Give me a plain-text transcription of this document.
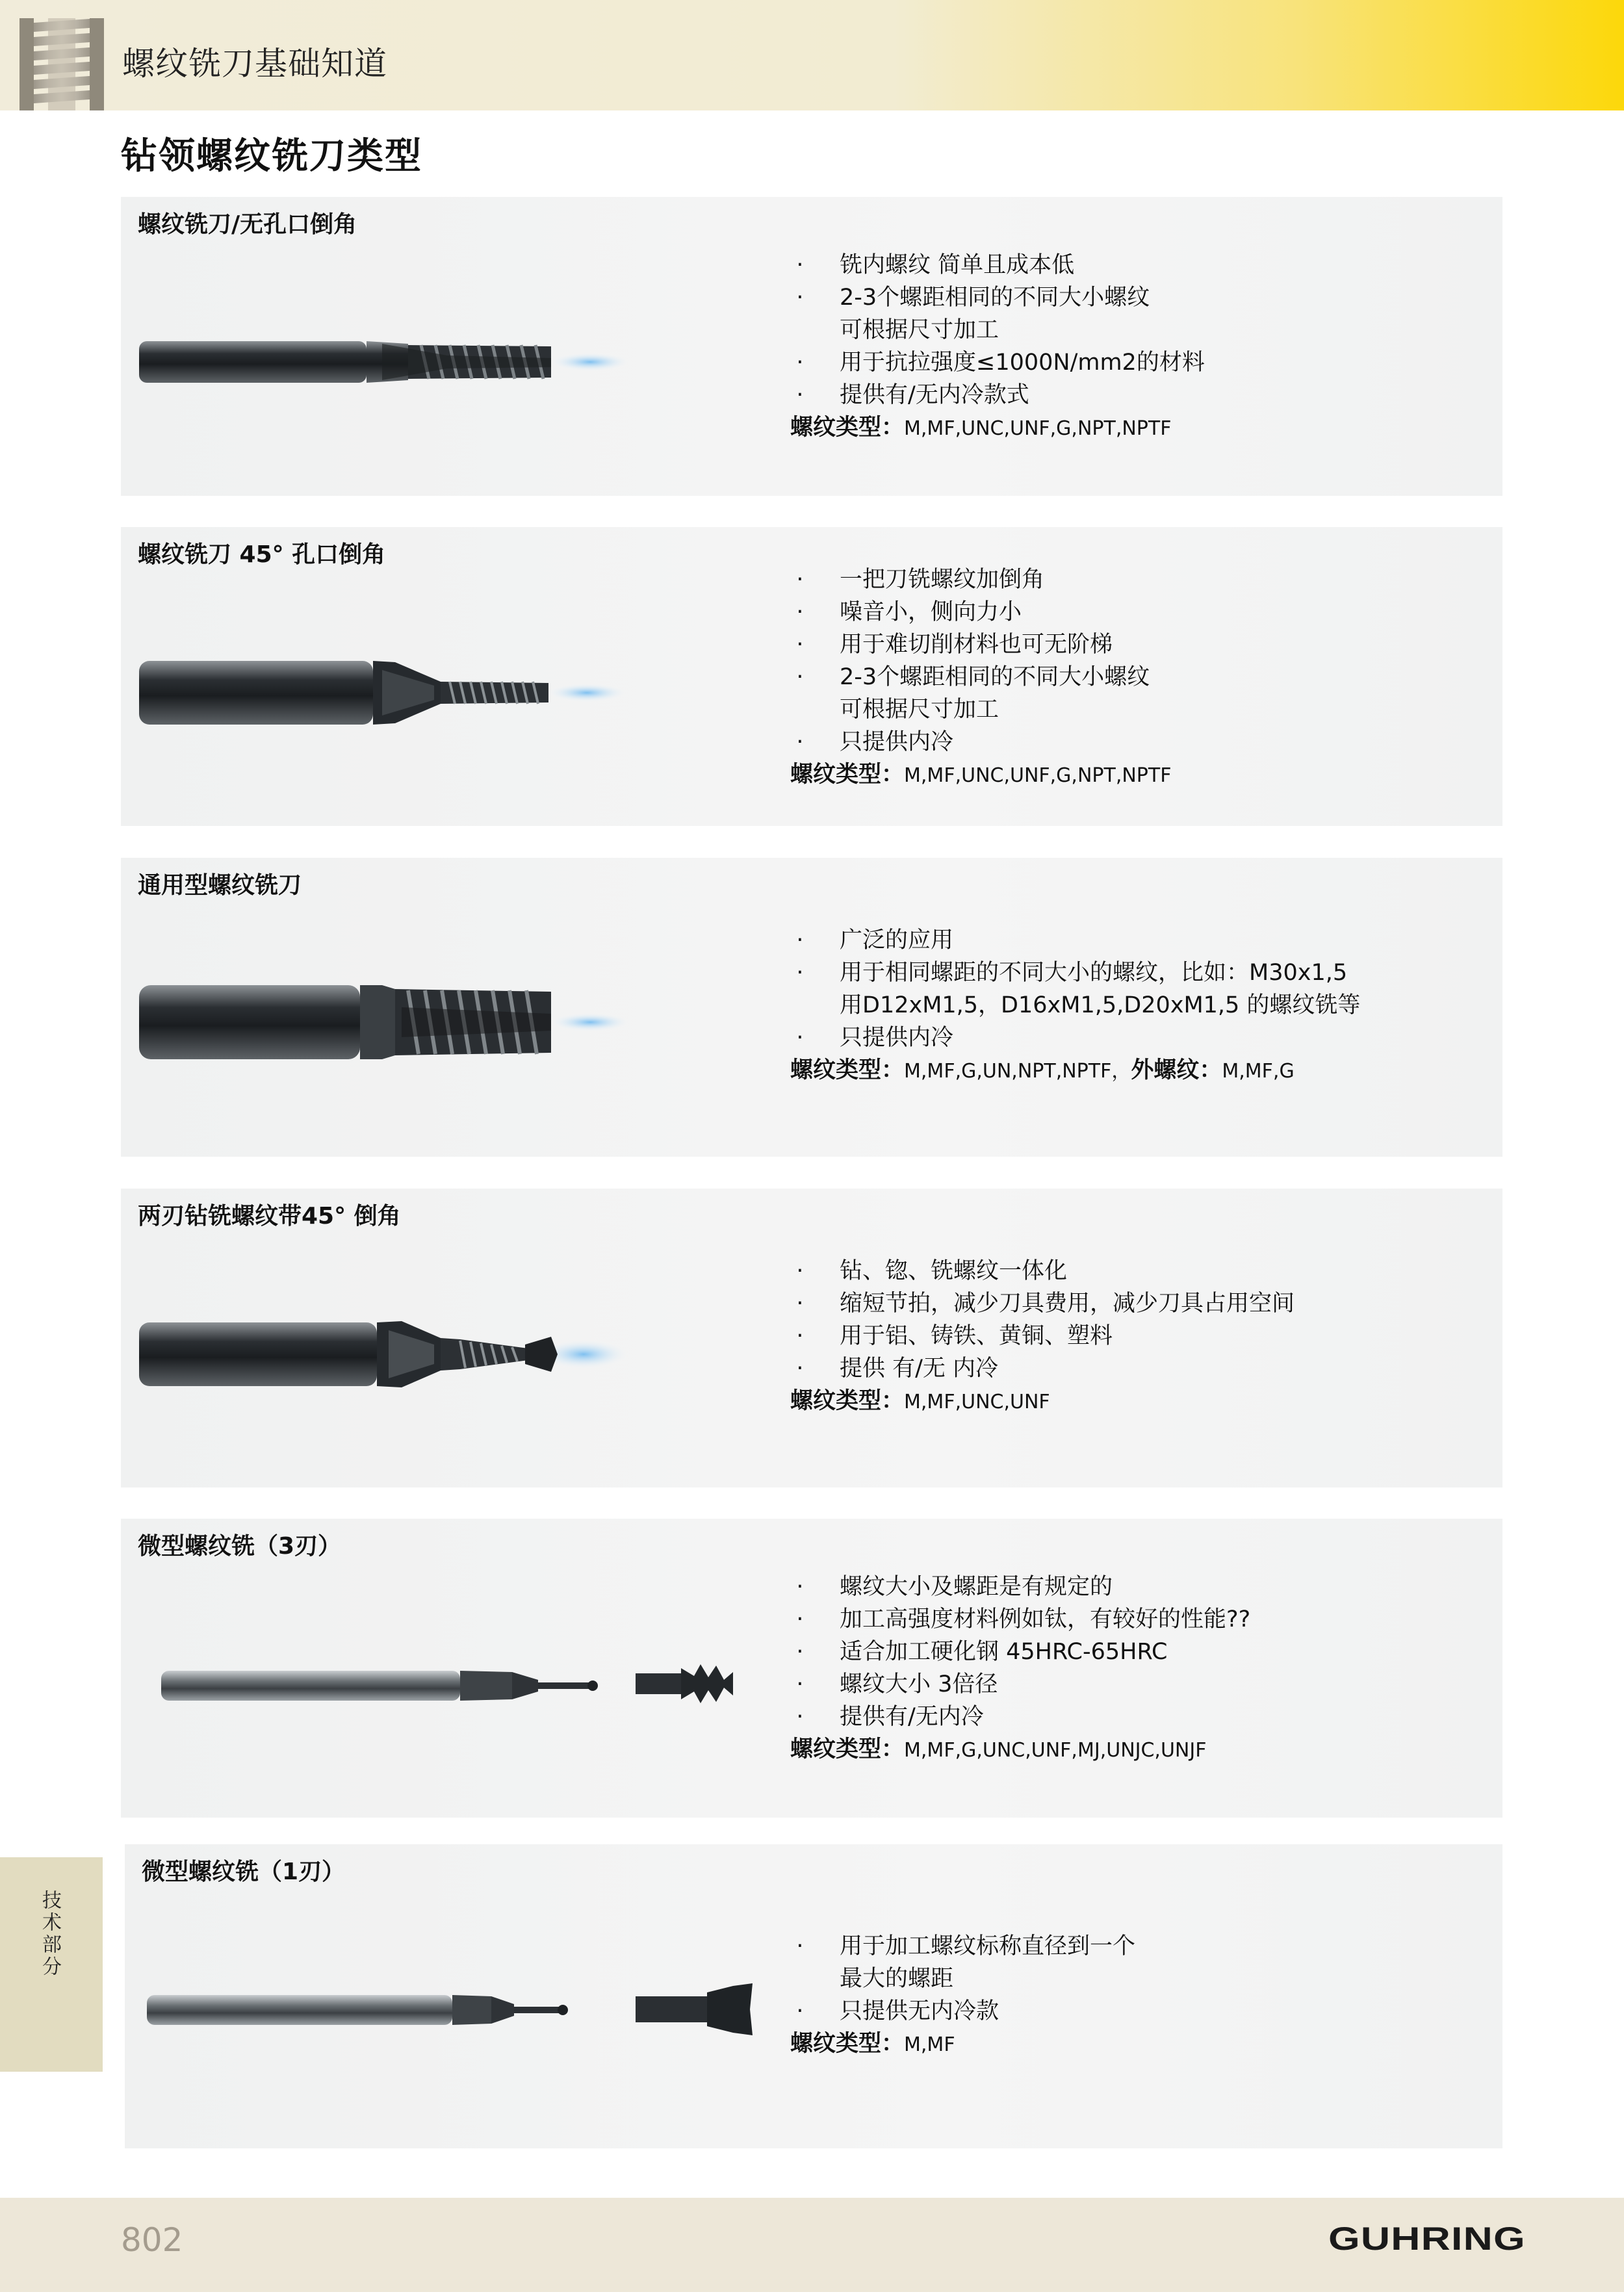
螺纹铣刀基础知道
钻领螺纹铣刀类型
螺纹铣刀/无孔口倒角
· 铣内螺纹 简单且成本低
· 2-3个螺距相同的不同大小螺纹
可根据尺寸加工
· 用于抗拉强度≤1000N/mm2的材料
· 提供有/无内冷款式
螺纹类型：M,MF,UNC,UNF,G,NPT,NPTF
螺纹铣刀 45° 孔口倒角
· 一把刀铣螺纹加倒角
· 噪音小，侧向力小
· 用于难切削材料也可无阶梯
· 2-3个螺距相同的不同大小螺纹
可根据尺寸加工
· 只提供内冷
螺纹类型：M,MF,UNC,UNF,G,NPT,NPTF
通用型螺纹铣刀
· 广泛的应用
· 用于相同螺距的不同大小的螺纹，比如：M30x1,5
用D12xM1,5，D16xM1,5,D20xM1,5 的螺纹铣等
· 只提供内冷
螺纹类型：M,MF,G,UN,NPT,NPTF，外螺纹：M,MF,G
两刃钻铣螺纹带45° 倒角
· 钻、锪、铣螺纹一体化
· 缩短节拍，减少刀具费用，减少刀具占用空间
· 用于铝、铸铁、黄铜、塑料
· 提供 有/无 内冷
螺纹类型：M,MF,UNC,UNF
微型螺纹铣（3刃）
· 螺纹大小及螺距是有规定的
· 加工高强度材料例如钛，有较好的性能??
· 适合加工硬化钢 45HRC-65HRC
· 螺纹大小 3倍径
· 提供有/无内冷
螺纹类型：M,MF,G,UNC,UNF,MJ,UNJC,UNJF
微型螺纹铣（1刃）
· 用于加工螺纹标称直径到一个
最大的螺距
· 只提供无内冷款
螺纹类型：M,MF
技术部分
802	GUHRING
